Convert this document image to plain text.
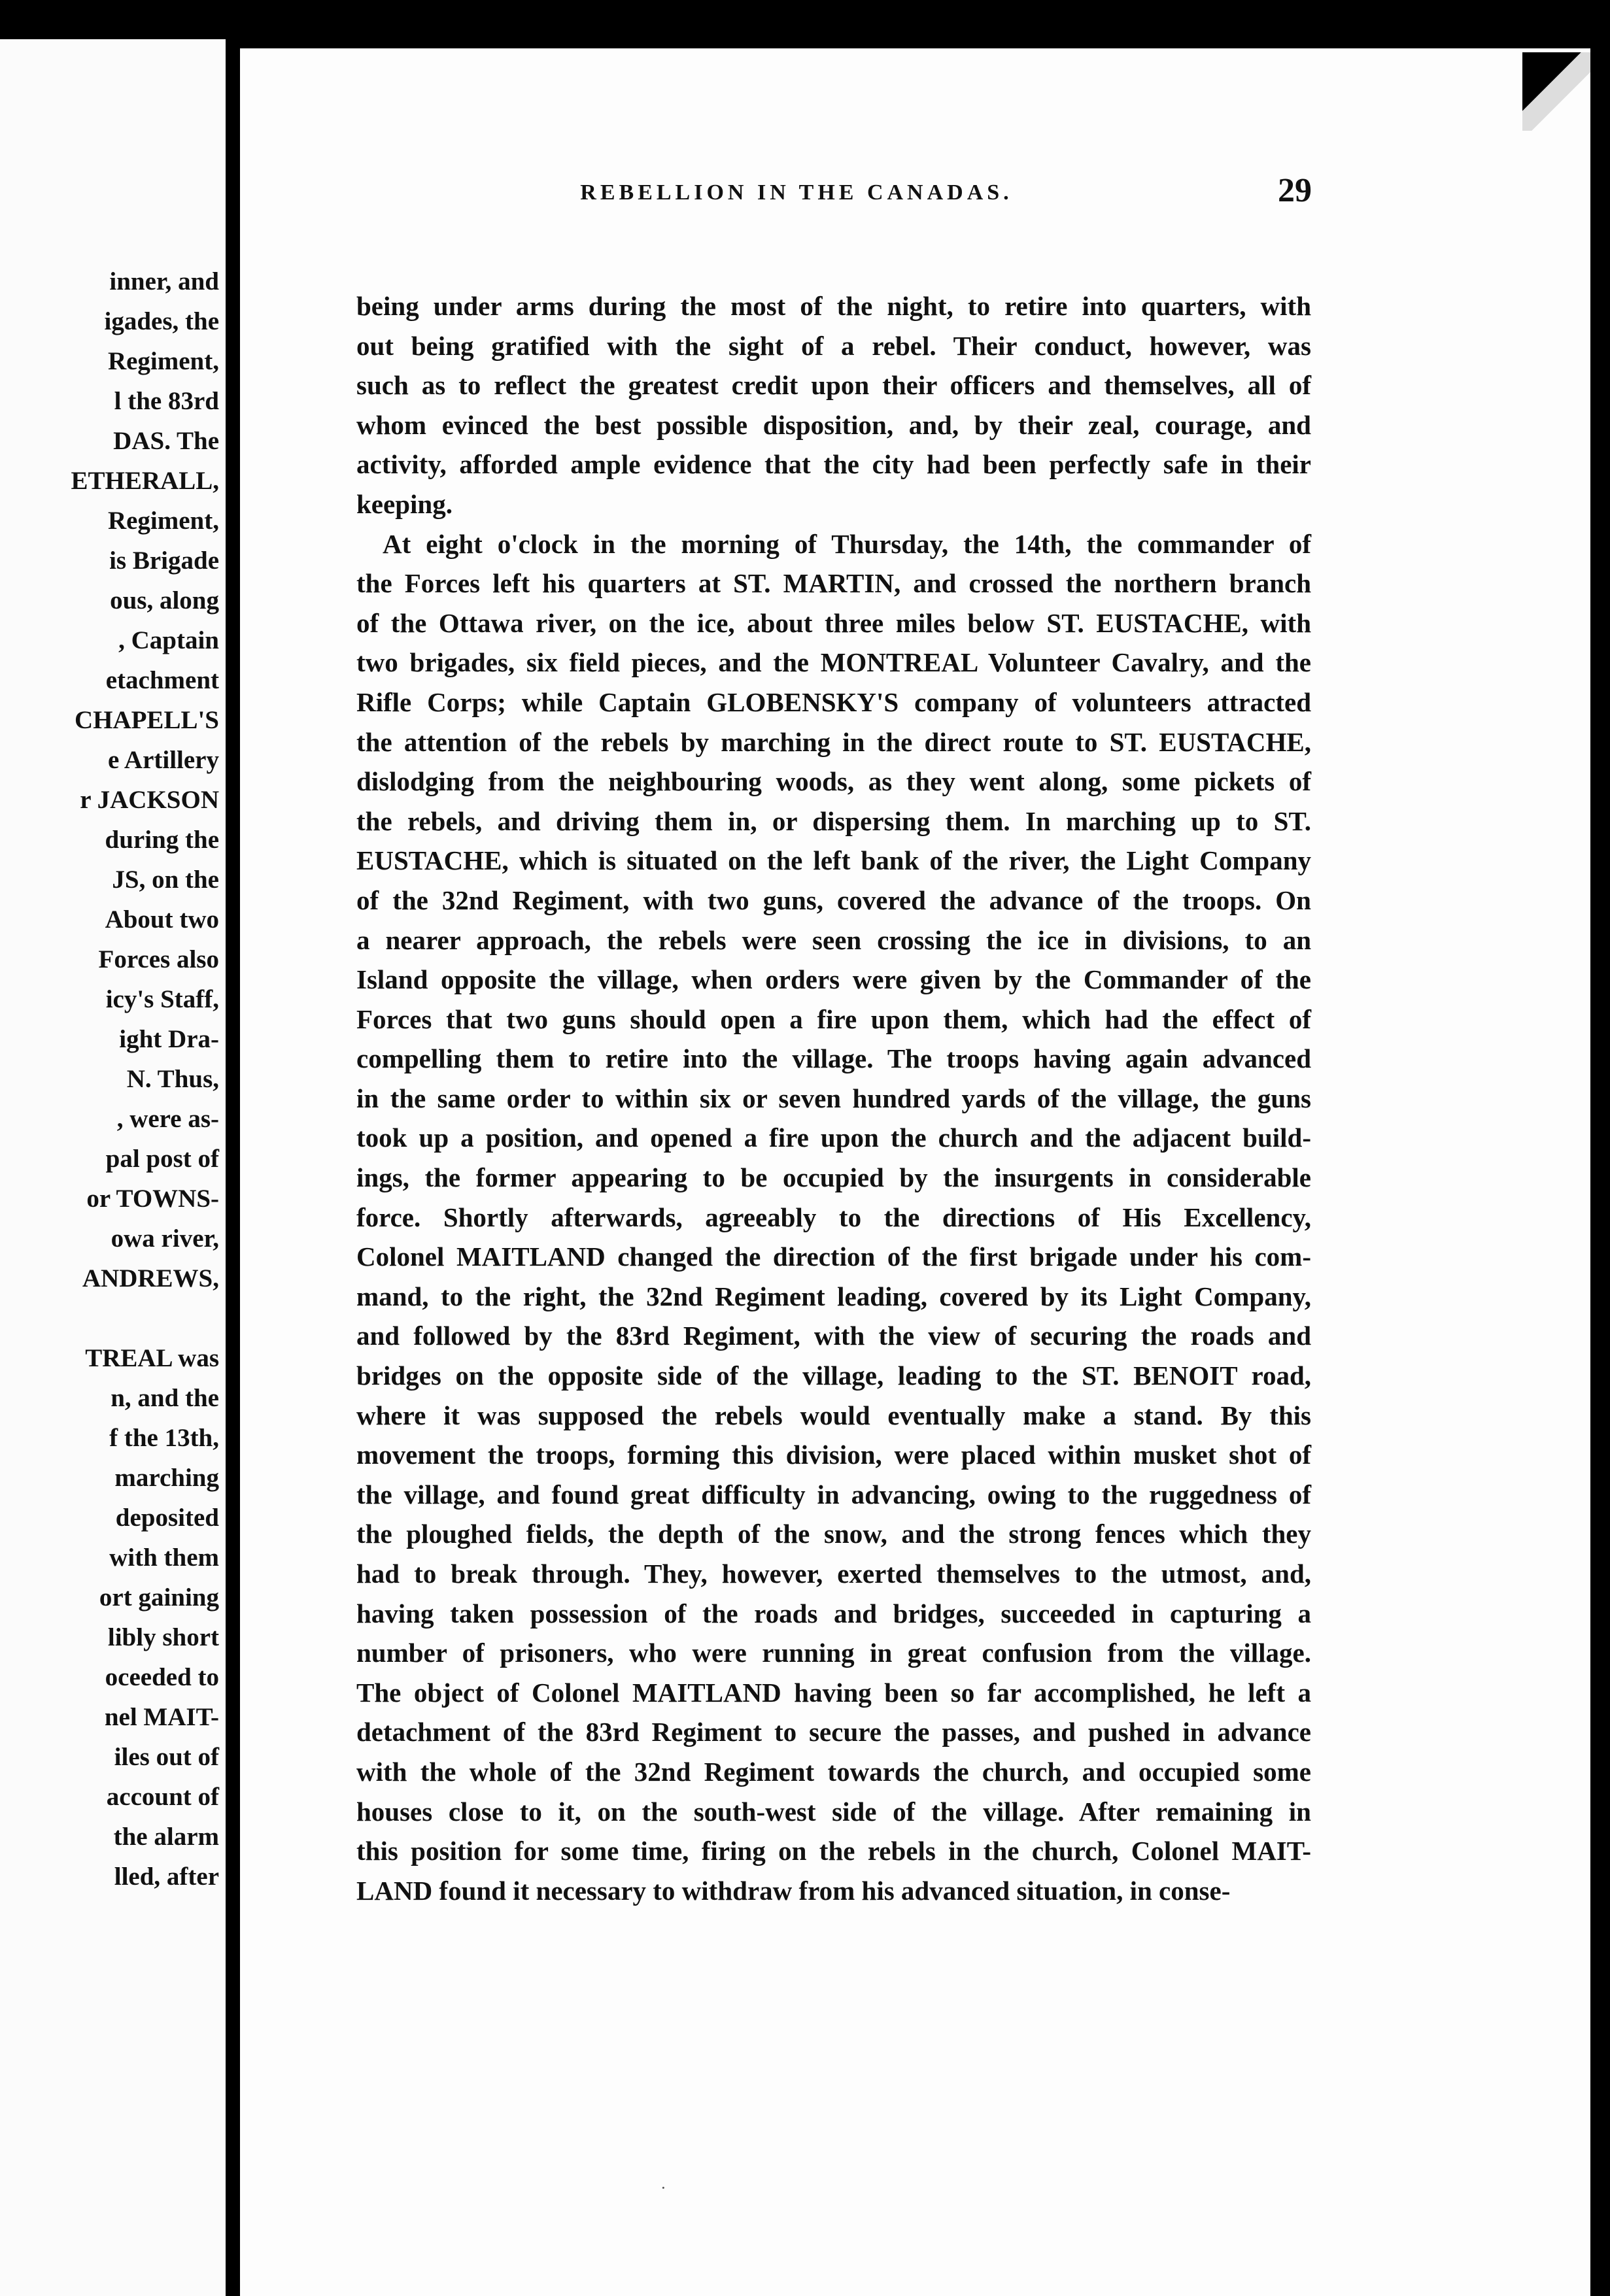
inner, and
igades, the
Regiment,
l the 83rd
DAS. The
ETHERALL,
Regiment,
is Brigade
ous, along
, Captain
etachment
CHAPELL'S
e Artillery
r JACKSON
during the
JS, on the
About two
Forces also
icy's Staff,
ight Dra-
N. Thus,
, were as-
pal post of
or TOWNS-
owa river,
ANDREWS,
TREAL was
n, and the
f the 13th,
marching
deposited
with them
ort gaining
libly short
oceeded to
nel MAIT-
iles out of
account of
the alarm
lled, after
REBELLION IN THE CANADAS.	29
being under arms during the most of the night, to retire into quarters, with
out being gratified with the sight of a rebel. Their conduct, however, was
such as to reflect the greatest credit upon their officers and themselves, all of
whom evinced the best possible disposition, and, by their zeal, courage, and
activity, afforded ample evidence that the city had been perfectly safe in their
keeping.
At eight o'clock in the morning of Thursday, the 14th, the commander of
the Forces left his quarters at ST. MARTIN, and crossed the northern branch
of the Ottawa river, on the ice, about three miles below ST. EUSTACHE, with
two brigades, six field pieces, and the MONTREAL Volunteer Cavalry, and the
Rifle Corps; while Captain GLOBENSKY'S company of volunteers attracted
the attention of the rebels by marching in the direct route to ST. EUSTACHE,
dislodging from the neighbouring woods, as they went along, some pickets of
the rebels, and driving them in, or dispersing them. In marching up to ST.
EUSTACHE, which is situated on the left bank of the river, the Light Company
of the 32nd Regiment, with two guns, covered the advance of the troops. On
a nearer approach, the rebels were seen crossing the ice in divisions, to an
Island opposite the village, when orders were given by the Commander of the
Forces that two guns should open a fire upon them, which had the effect of
compelling them to retire into the village. The troops having again advanced
in the same order to within six or seven hundred yards of the village, the guns
took up a position, and opened a fire upon the church and the adjacent build-
ings, the former appearing to be occupied by the insurgents in considerable
force. Shortly afterwards, agreeably to the directions of His Excellency,
Colonel MAITLAND changed the direction of the first brigade under his com-
mand, to the right, the 32nd Regiment leading, covered by its Light Company,
and followed by the 83rd Regiment, with the view of securing the roads and
bridges on the opposite side of the village, leading to the ST. BENOIT road,
where it was supposed the rebels would eventually make a stand. By this
movement the troops, forming this division, were placed within musket shot of
the village, and found great difficulty in advancing, owing to the ruggedness of
the ploughed fields, the depth of the snow, and the strong fences which they
had to break through. They, however, exerted themselves to the utmost, and,
having taken possession of the roads and bridges, succeeded in capturing a
number of prisoners, who were running in great confusion from the village.
The object of Colonel MAITLAND having been so far accomplished, he left a
detachment of the 83rd Regiment to secure the passes, and pushed in advance
with the whole of the 32nd Regiment towards the church, and occupied some
houses close to it, on the south-west side of the village. After remaining in
this position for some time, firing on the rebels in the church, Colonel MAIT-
LAND found it necessary to withdraw from his advanced situation, in conse-
·
